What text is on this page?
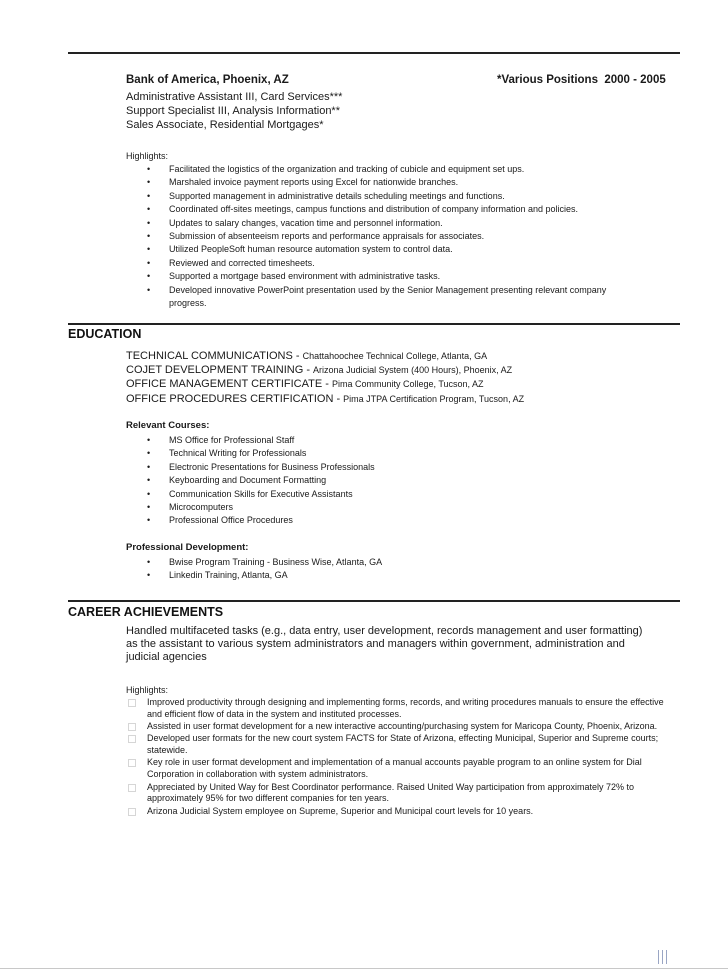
Bank of America, Phoenix, AZ	*Various Positions  2000 - 2005
Administrative Assistant III, Card Services***
Support Specialist III, Analysis Information**
Sales Associate, Residential Mortgages*
Highlights:
• Facilitated the logistics of the organization and tracking of cubicle and equipment set ups.
• Marshaled invoice payment reports using Excel for nationwide branches.
• Supported management in administrative details scheduling meetings and functions.
• Coordinated off-sites meetings, campus functions and distribution of company information and policies.
• Updates to salary changes, vacation time and personnel information.
• Submission of absenteeism reports and performance appraisals for associates.
• Utilized PeopleSoft human resource automation system to control data.
• Reviewed and corrected timesheets.
• Supported a mortgage based environment with administrative tasks.
• Developed innovative PowerPoint presentation used by the Senior Management presenting relevant company progress.
EDUCATION
TECHNICAL COMMUNICATIONS - Chattahoochee Technical College, Atlanta, GA
COJET DEVELOPMENT TRAINING - Arizona Judicial System (400 Hours), Phoenix, AZ
OFFICE MANAGEMENT CERTIFICATE - Pima Community College, Tucson, AZ
OFFICE PROCEDURES CERTIFICATION - Pima JTPA Certification Program, Tucson, AZ
Relevant Courses:
• MS Office for Professional Staff
• Technical Writing for Professionals
• Electronic Presentations for Business Professionals
• Keyboarding and Document Formatting
• Communication Skills for Executive Assistants
• Microcomputers
• Professional Office Procedures
Professional Development:
• Bwise Program Training - Business Wise, Atlanta, GA
• Linkedin Training, Atlanta, GA
CAREER ACHIEVEMENTS
Handled multifaceted tasks (e.g., data entry, user development, records management and user formatting) as the assistant to various system administrators and managers within government, administration and judicial agencies
Highlights:
Improved productivity through designing and implementing forms, records, and writing procedures manuals to ensure the effective and efficient flow of data in the system and instituted processes.
Assisted in user format development for a new interactive accounting/purchasing system for Maricopa County, Phoenix, Arizona.
Developed user formats for the new court system FACTS for State of Arizona, effecting Municipal, Superior and Supreme courts; statewide.
Key role in user format development and implementation of a manual accounts payable program to an online system for Dial Corporation in collaboration with system administrators.
Appreciated by United Way for Best Coordinator performance. Raised United Way participation from approximately 72% to approximately 95% for two different companies for ten years.
Arizona Judicial System employee on Supreme, Superior and Municipal court levels for 10 years.
